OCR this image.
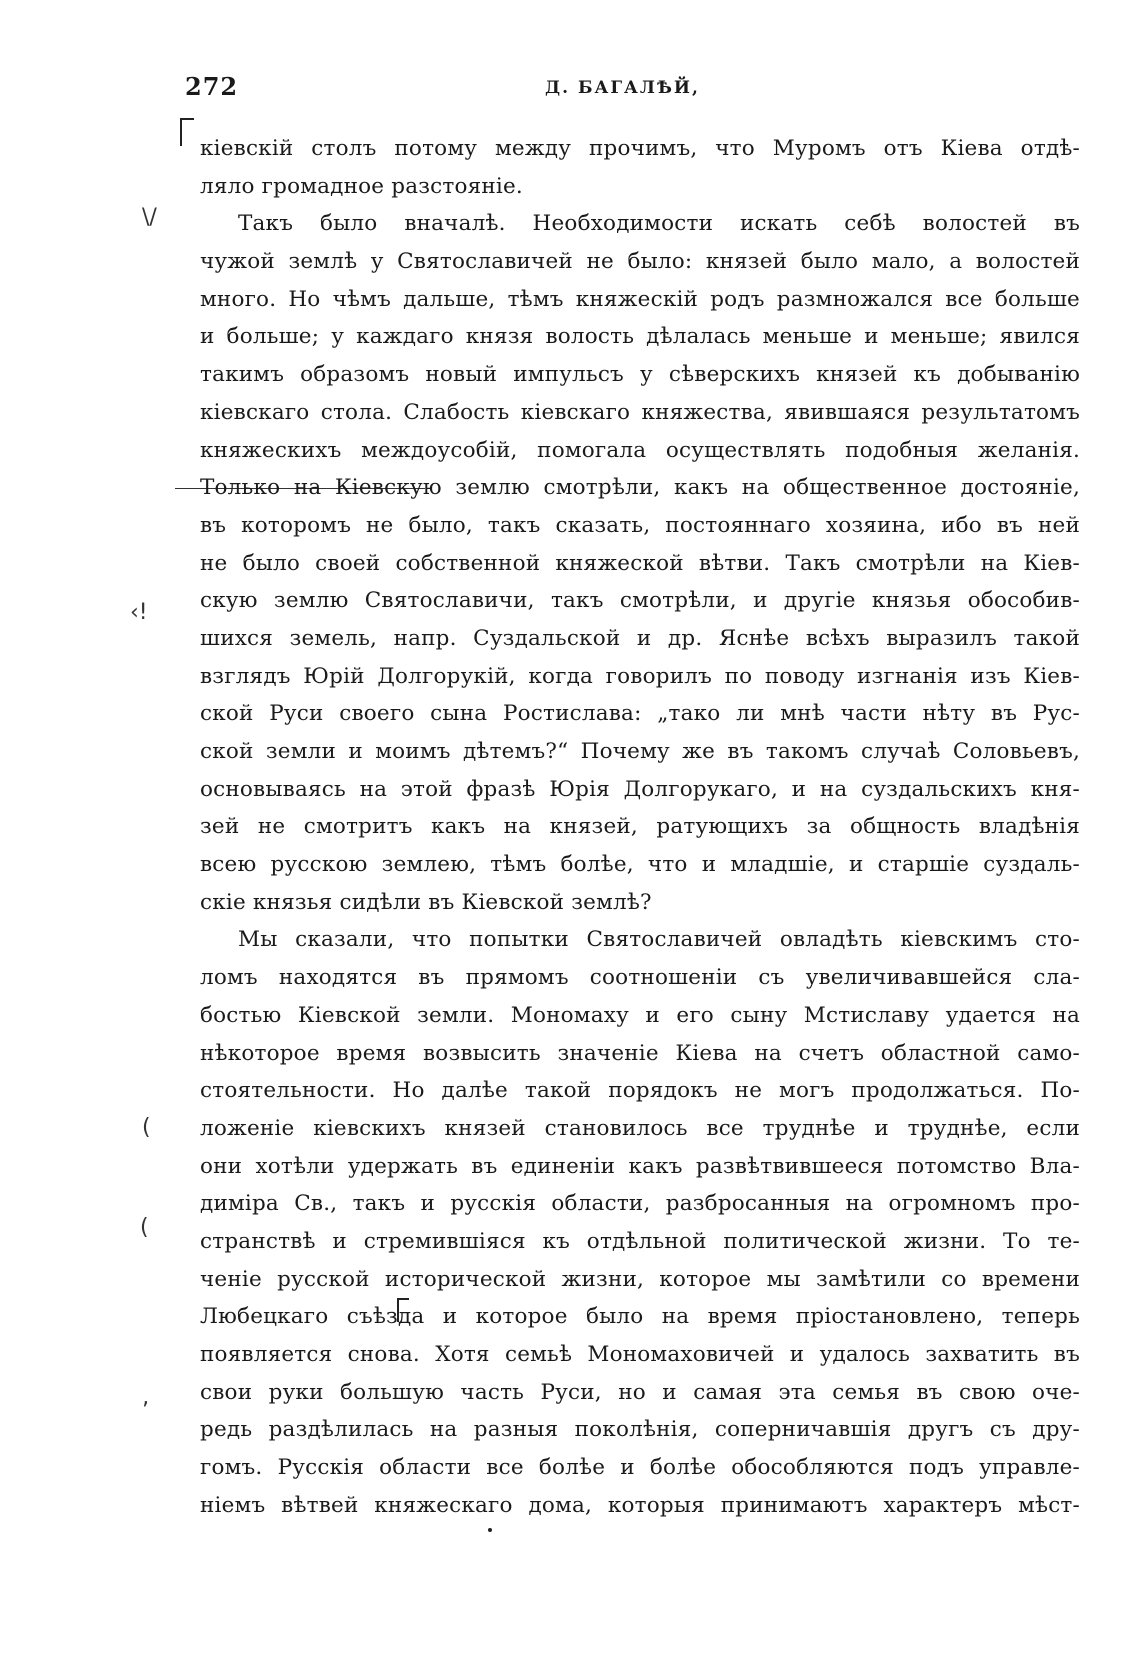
272	Д. БАГАЛѢЙ,
\/
‹!
(
(
‚
кіевскій столъ потому между прочимъ, что Муромъ отъ Кіева отдѣ-
ляло громадное разстояніе.
Такъ было вначалѣ. Необходимости искать себѣ волостей въ
чужой землѣ у Святославичей не было: князей было мало, а волостей
много. Но чѣмъ дальше, тѣмъ княжескій родъ размножался все больше
и больше; у каждаго князя волость дѣлалась меньше и меньше; явился
такимъ образомъ новый импульсъ у сѣверскихъ князей къ добыванію
кіевскаго стола. Слабость кіевскаго княжества, явившаяся результатомъ
княжескихъ междоусобій, помогала осуществлять подобныя желанія.
Только на Кіевскую землю смотрѣли, какъ на общественное достояніе,
въ которомъ не было, такъ сказать, постояннаго хозяина, ибо въ ней
не было своей собственной княжеской вѣтви. Такъ смотрѣли на Кіев-
скую землю Святославичи, такъ смотрѣли, и другіе князья обособив-
шихся земель, напр. Суздальской и др. Яснѣе всѣхъ выразилъ такой
взглядъ Юрій Долгорукій, когда говорилъ по поводу изгнанія изъ Кіев-
ской Руси своего сына Ростислава: „тако ли мнѣ части нѣту въ Рус-
ской земли и моимъ дѣтемъ?“ Почему же въ такомъ случаѣ Соловьевъ,
основываясь на этой фразѣ Юрія Долгорукаго, и на суздальскихъ кня-
зей не смотритъ какъ на князей, ратующихъ за общность владѣнія
всею русскою землею, тѣмъ болѣе, что и младшіе, и старшіе суздаль-
скіе князья сидѣли въ Кіевской землѣ?
Мы сказали, что попытки Святославичей овладѣть кіевскимъ сто-
ломъ находятся въ прямомъ соотношеніи съ увеличивавшейся сла-
бостью Кіевской земли. Мономаху и его сыну Мстиславу удается на
нѣкоторое время возвысить значеніе Кіева на счетъ областной само-
стоятельности. Но далѣе такой порядокъ не могъ продолжаться. По-
ложеніе кіевскихъ князей становилось все труднѣе и труднѣе, если
они хотѣли удержать въ единеніи какъ развѣтвившееся потомство Вла-
диміра Св., такъ и русскія области, разбросанныя на огромномъ про-
странствѣ и стремившіяся къ отдѣльной политической жизни. То те-
ченіе русской исторической жизни, которое мы замѣтили со времени
Любецкаго съѣзда и которое было на время пріостановлено, теперь
появляется снова. Хотя семьѣ Мономаховичей и удалось захватить въ
свои руки большую часть Руси, но и самая эта семья въ свою оче-
редь раздѣлилась на разныя поколѣнія, соперничавшія другъ съ дру-
гомъ. Русскія области все болѣе и болѣе обособляются подъ управле-
ніемъ вѣтвей княжескаго дома, которыя принимаютъ характеръ мѣст-
